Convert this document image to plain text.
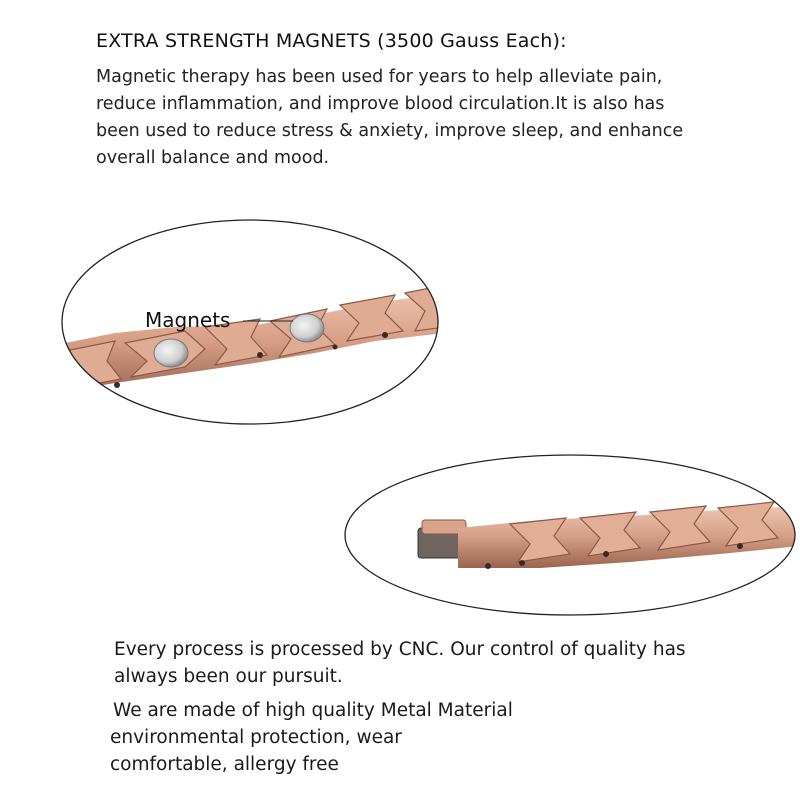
EXTRA STRENGTH MAGNETS (3500 Gauss Each):
Magnetic therapy has been used for years to help alleviate pain,
reduce inflammation, and improve blood circulation.It is also has
been used to reduce stress & anxiety, improve sleep, and enhance
overall balance and mood.
Magnets
Every process is processed by CNC. Our control of quality has
always been our pursuit.
We are made of high quality Metal Material
environmental protection, wear
comfortable, allergy free
